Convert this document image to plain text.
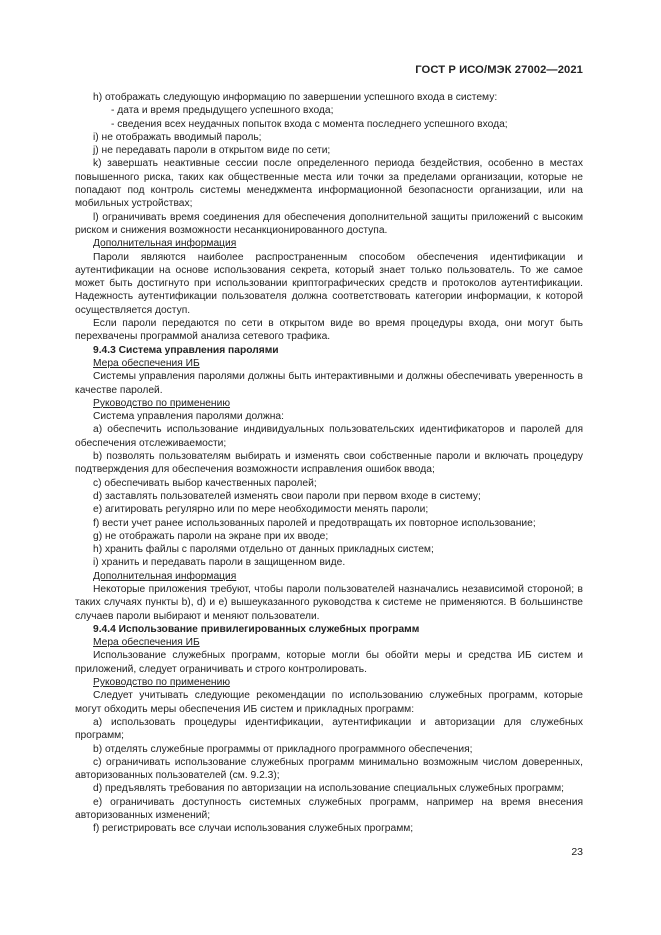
ГОСТ Р ИСО/МЭК 27002—2021

h) отображать следующую информацию по завершении успешного входа в систему:

- дата и время предыдущего успешного входа;

- сведения всех неудачных попыток входа с момента последнего успешного входа;

i) не отображать вводимый пароль;

j) не передавать пароли в открытом виде по сети;

k) завершать неактивные сессии после определенного периода бездействия, особенно в местах повышенного риска, таких как общественные места или точки за пределами организации, которые не попадают под контроль системы менеджмента информационной безопасности организации, или на мобильных устройствах;

l) ограничивать время соединения для обеспечения дополнительной защиты приложений с высоким риском и снижения возможности несанкционированного доступа.

Дополнительная информация

Пароли являются наиболее распространенным способом обеспечения идентификации и аутентификации на основе использования секрета, который знает только пользователь. То же самое может быть достигнуто при использовании криптографических средств и протоколов аутентификации. Надежность аутентификации пользователя должна соответствовать категории информации, к которой осуществляется доступ.

Если пароли передаются по сети в открытом виде во время процедуры входа, они могут быть перехвачены программой анализа сетевого трафика.

9.4.3 Система управления паролями

Мера обеспечения ИБ

Системы управления паролями должны быть интерактивными и должны обеспечивать уверенность в качестве паролей.

Руководство по применению

Система управления паролями должна:

a) обеспечить использование индивидуальных пользовательских идентификаторов и паролей для обеспечения отслеживаемости;

b) позволять пользователям выбирать и изменять свои собственные пароли и включать процедуру подтверждения для обеспечения возможности исправления ошибок ввода;

c) обеспечивать выбор качественных паролей;

d) заставлять пользователей изменять свои пароли при первом входе в систему;

e) агитировать регулярно или по мере необходимости менять пароли;

f) вести учет ранее использованных паролей и предотвращать их повторное использование;

g) не отображать пароли на экране при их вводе;

h) хранить файлы с паролями отдельно от данных прикладных систем;

i) хранить и передавать пароли в защищенном виде.

Дополнительная информация

Некоторые приложения требуют, чтобы пароли пользователей назначались независимой стороной; в таких случаях пункты b), d) и e) вышеуказанного руководства к системе не применяются. В большинстве случаев пароли выбирают и меняют пользователи.

9.4.4 Использование привилегированных служебных программ

Мера обеспечения ИБ

Использование служебных программ, которые могли бы обойти меры и средства ИБ систем и приложений, следует ограничивать и строго контролировать.

Руководство по применению

Следует учитывать следующие рекомендации по использованию служебных программ, которые могут обходить меры обеспечения ИБ систем и прикладных программ:

a) использовать процедуры идентификации, аутентификации и авторизации для служебных программ;

b) отделять служебные программы от прикладного программного обеспечения;

c) ограничивать использование служебных программ минимально возможным числом доверенных, авторизованных пользователей (см. 9.2.3);

d) предъявлять требования по авторизации на использование специальных служебных программ;

e) ограничивать доступность системных служебных программ, например на время внесения авторизованных изменений;

f) регистрировать все случаи использования служебных программ;

23
